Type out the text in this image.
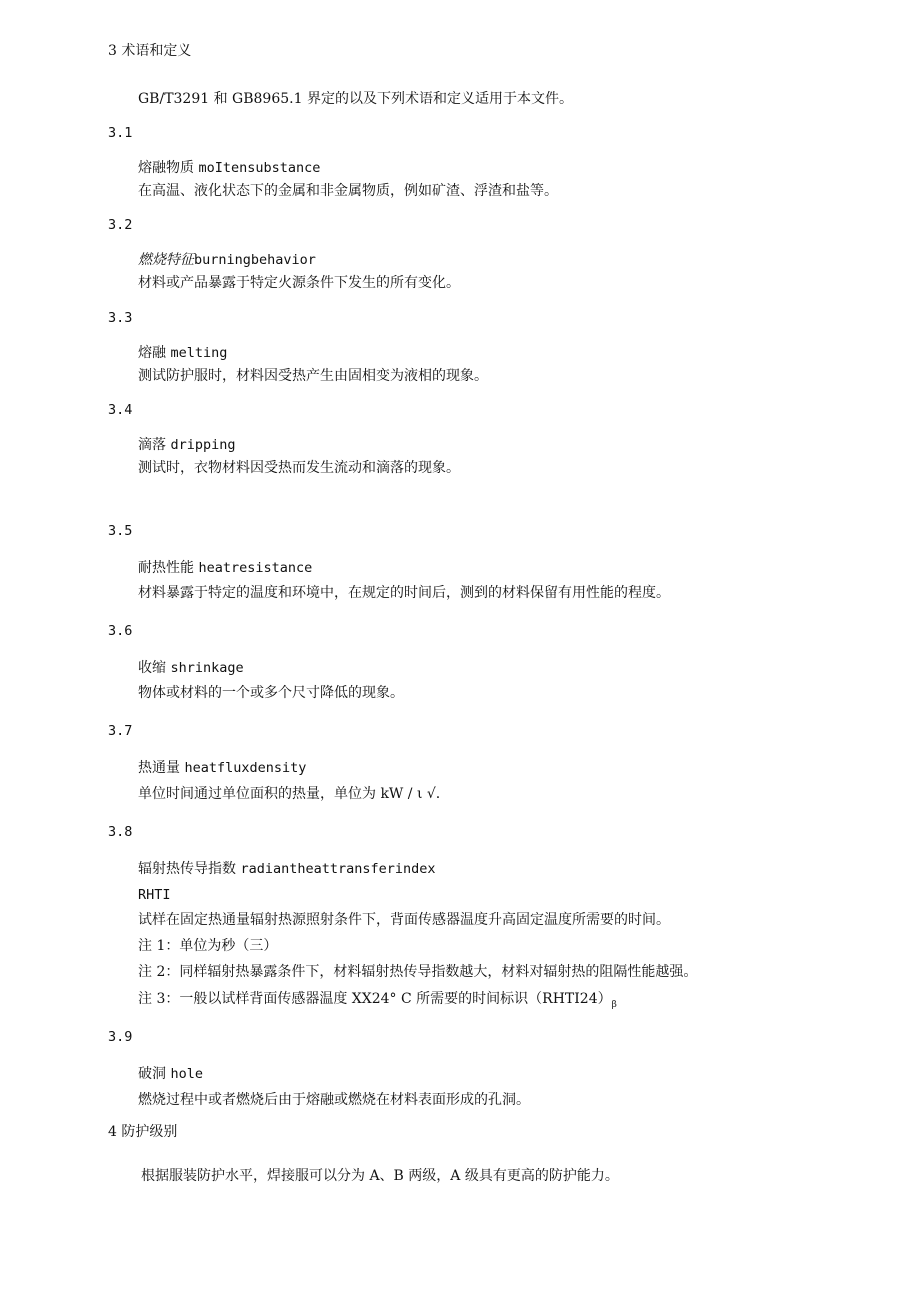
3 术语和定义
GB/T3291 和 GB8965.1 界定的以及下列术语和定义适用于本文件。
3.1
熔融物质 moItensubstance
在高温、液化状态下的金属和非金属物质，例如矿渣、浮渣和盐等。
3.2
燃烧特征burningbehavior
材料或产品暴露于特定火源条件下发生的所有变化。
3.3
熔融 melting
测试防护服时，材料因受热产生由固相变为液相的现象。
3.4
滴落 dripping
测试时，衣物材料因受热而发生流动和滴落的现象。
3.5
耐热性能 heatresistance
材料暴露于特定的温度和环境中，在规定的时间后，测到的材料保留有用性能的程度。
3.6
收缩 shrinkage
物体或材料的一个或多个尺寸降低的现象。
3.7
热通量 heatfluxdensity
单位时间通过单位面积的热量，单位为 kW / ι √.
3.8
辐射热传导指数 radiantheattransferindex
RHTI
试样在固定热通量辐射热源照射条件下，背面传感器温度升高固定温度所需要的时间。
注 1：单位为秒（三）
注 2：同样辐射热暴露条件下，材料辐射热传导指数越大，材料对辐射热的阻隔性能越强。
注 3：一般以试样背面传感器温度 XX24° C 所需要的时间标识$(RHTI24)_\beta$
3.9
破洞 hole
燃烧过程中或者燃烧后由于熔融或燃烧在材料表面形成的孔洞。
4 防护级别
根据服装防护水平，焊接服可以分为 A、B 两级，A 级具有更高的防护能力。
